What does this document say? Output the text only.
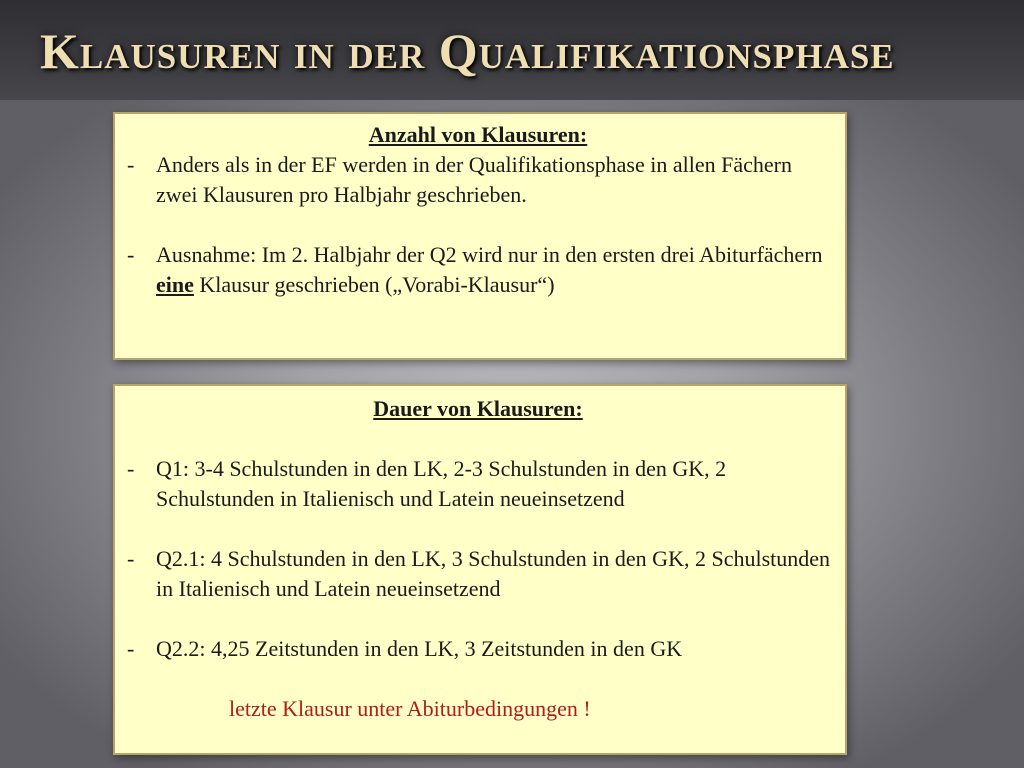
Klausuren in der Qualifikationsphase

Anzahl von Klausuren:

- Anders als in der EF werden in der Qualifikationsphase in allen Fächern zwei Klausuren pro Halbjahr geschrieben.
- Ausnahme: Im 2. Halbjahr der Q2 wird nur in den ersten drei Abiturfächern eine Klausur geschrieben („Vorabi-Klausur“)

Dauer von Klausuren:

- Q1: 3-4 Schulstunden in den LK, 2-3 Schulstunden in den GK, 2 Schulstunden in Italienisch und Latein neueinsetzend
- Q2.1: 4 Schulstunden in den LK, 3 Schulstunden in den GK, 2 Schulstunden in Italienisch und Latein neueinsetzend
- Q2.2: 4,25 Zeitstunden in den LK, 3 Zeitstunden in den GK

letzte Klausur unter Abiturbedingungen !
